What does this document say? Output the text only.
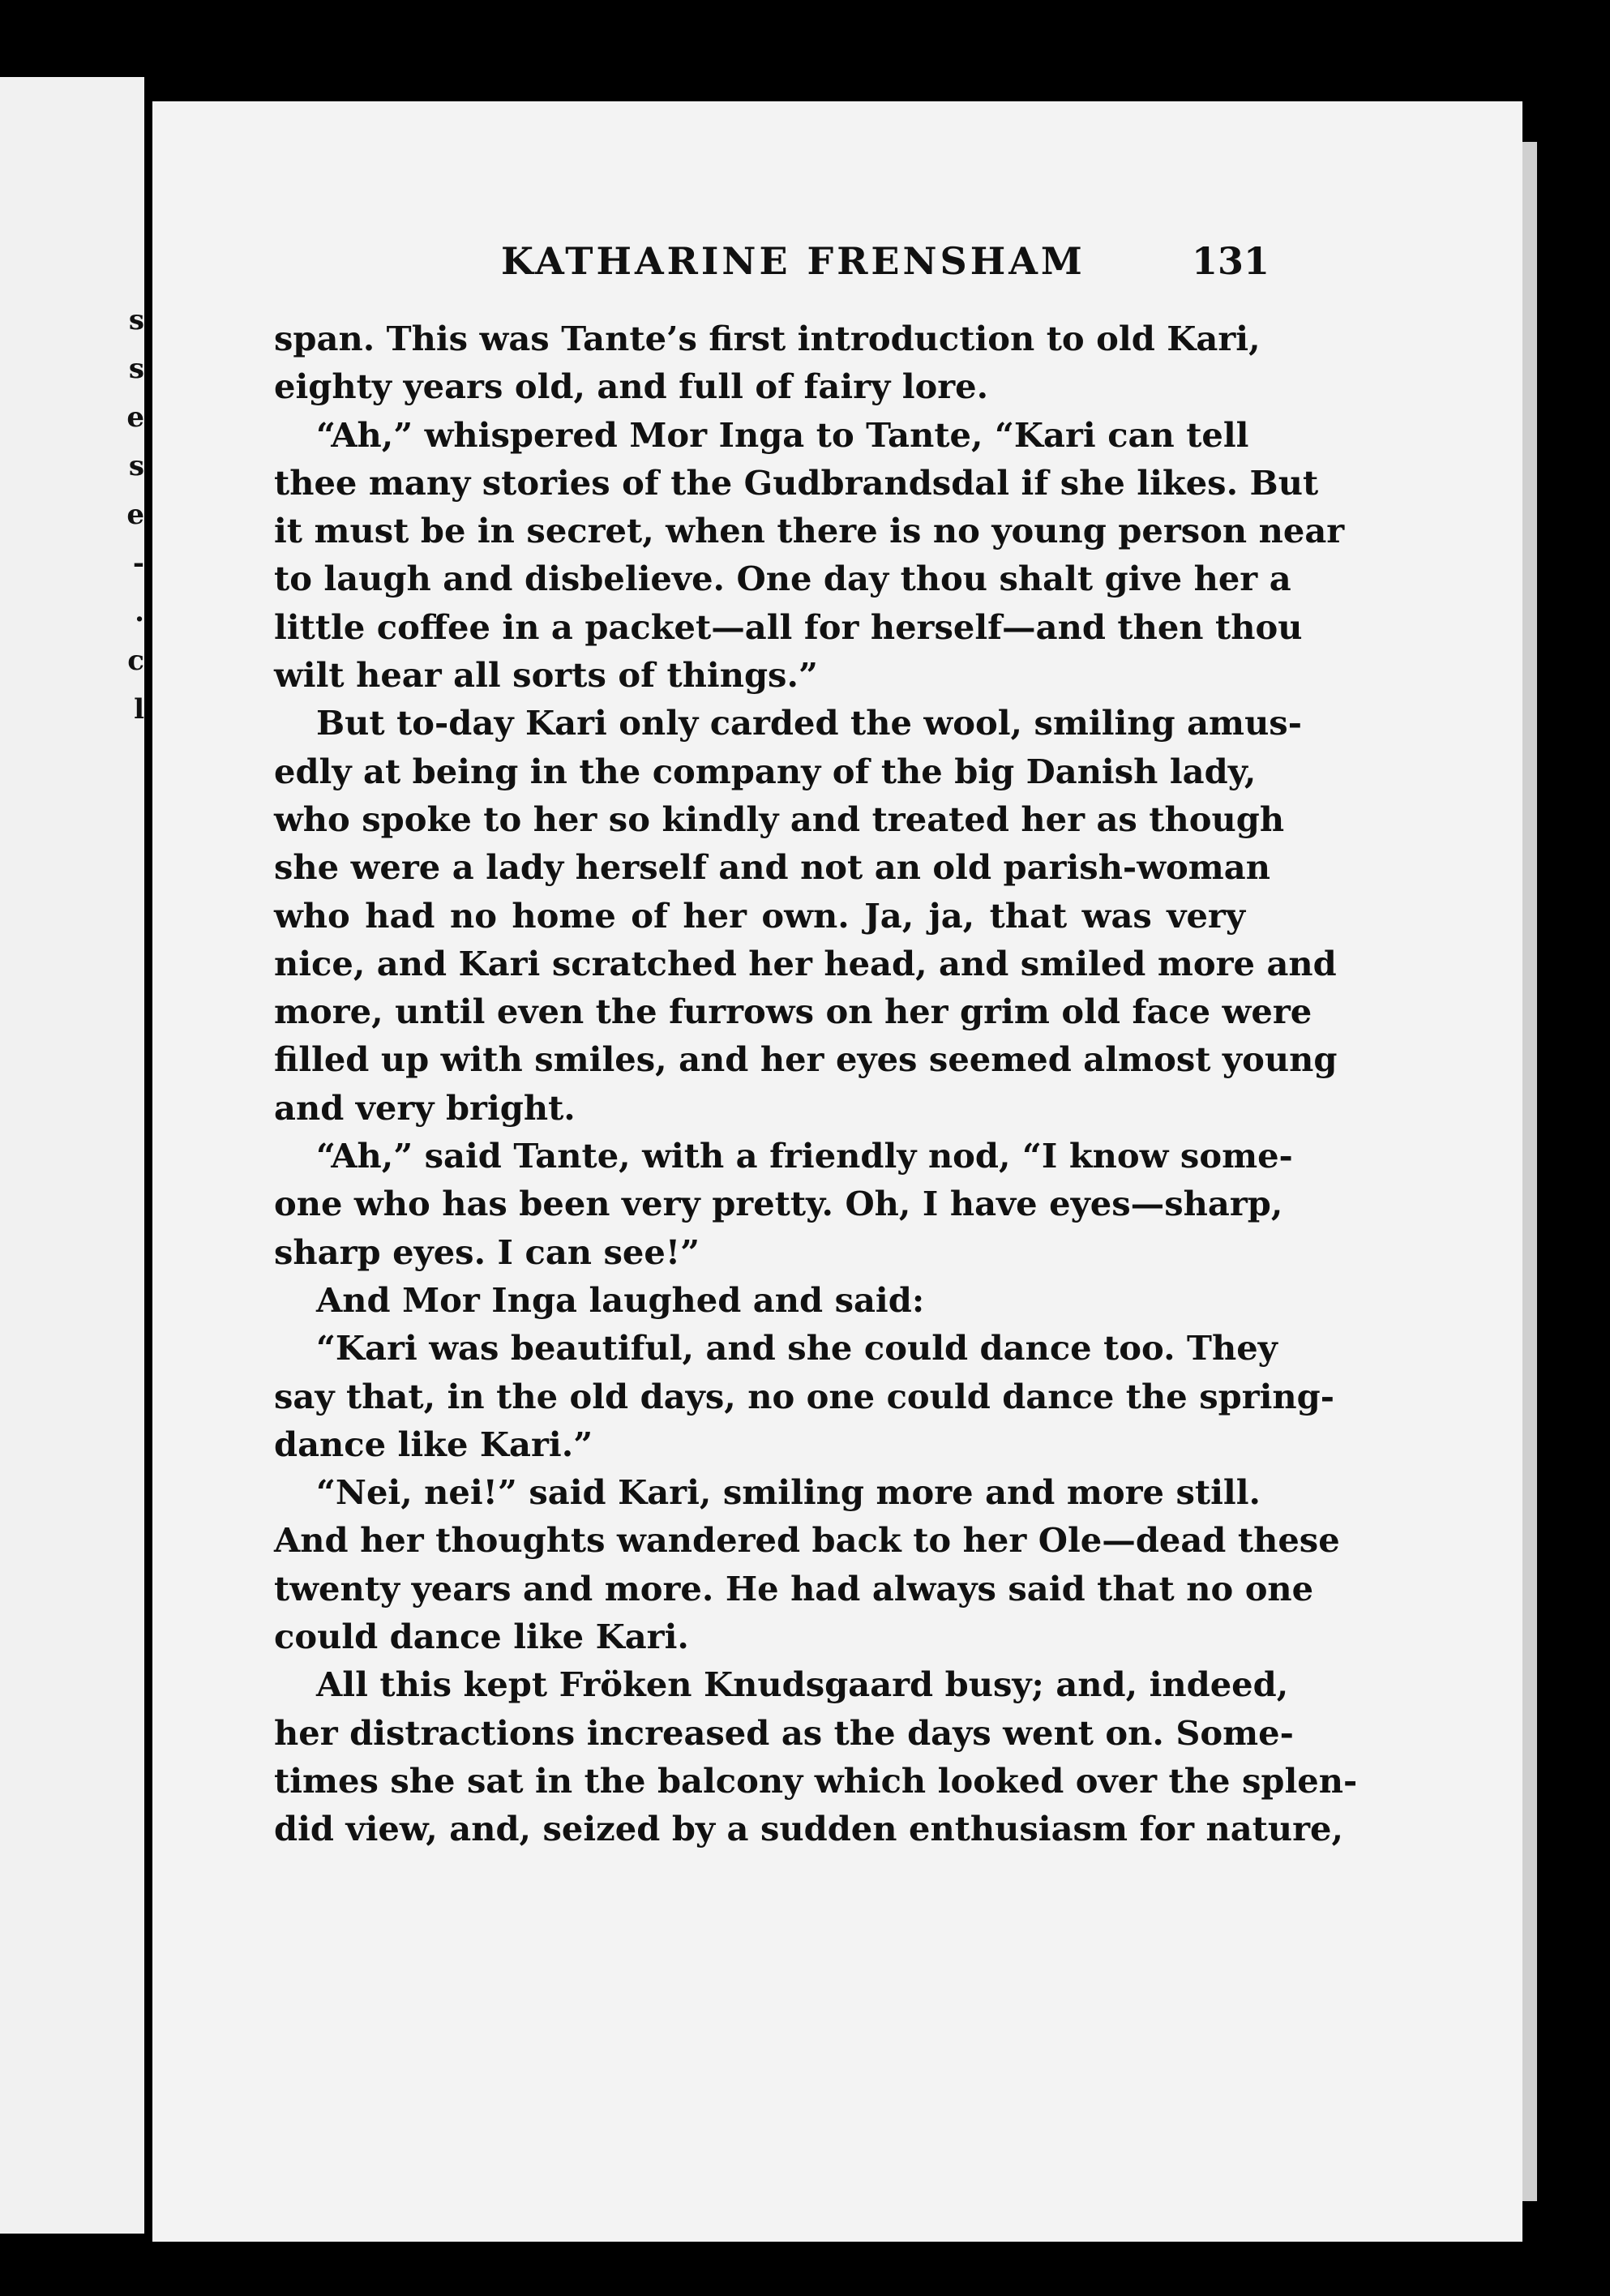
s
s
e
s
e
-
.
c
l
KATHARINE FRENSHAM	131
span. This was Tante’s first introduction to old Kari,
eighty years old, and full of fairy lore.
“Ah,” whispered Mor Inga to Tante, “Kari can tell
thee many stories of the Gudbrandsdal if she likes. But
it must be in secret, when there is no young person near
to laugh and disbelieve. One day thou shalt give her a
little coffee in a packet—all for herself—and then thou
wilt hear all sorts of things.”
But to-day Kari only carded the wool, smiling amus-
edly at being in the company of the big Danish lady,
who spoke to her so kindly and treated her as though
she were a lady herself and not an old parish-woman
who had no home of her own. Ja, ja, that was very
nice, and Kari scratched her head, and smiled more and
more, until even the furrows on her grim old face were
filled up with smiles, and her eyes seemed almost young
and very bright.
“Ah,” said Tante, with a friendly nod, “I know some-
one who has been very pretty. Oh, I have eyes—sharp,
sharp eyes. I can see!”
And Mor Inga laughed and said:
“Kari was beautiful, and she could dance too. They
say that, in the old days, no one could dance the spring-
dance like Kari.”
“Nei, nei!” said Kari, smiling more and more still.
And her thoughts wandered back to her Ole—dead these
twenty years and more. He had always said that no one
could dance like Kari.
All this kept Fröken Knudsgaard busy; and, indeed,
her distractions increased as the days went on. Some-
times she sat in the balcony which looked over the splen-
did view, and, seized by a sudden enthusiasm for nature,
